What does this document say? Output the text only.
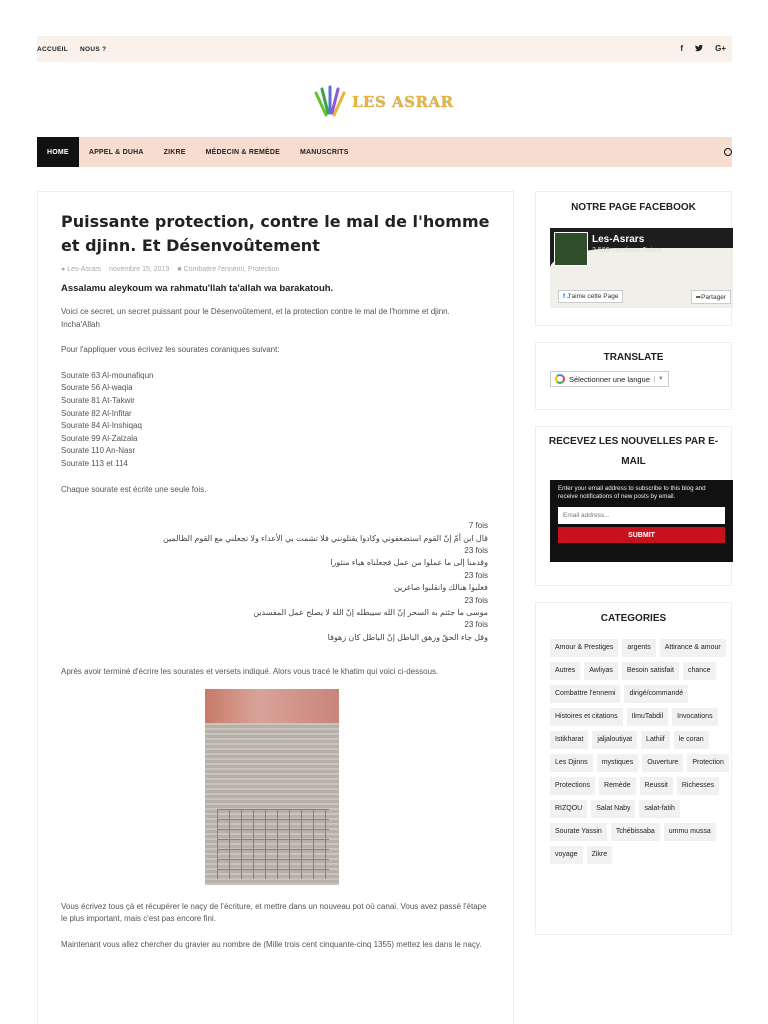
ACCUEIL NOUS ?	f	G+
LES ASRAR
HOME	APPEL & DUHA	ZIKRE	MÉDECIN & REMÈDE	MANUSCRITS
Puissante protection, contre le mal de l'homme et djinn. Et Désenvoûtement
● Les-Asrars novembre 15, 2019 ■ Combattre l'ennemi, Protection
Assalamu aleykoum wa rahmatu'llah ta'allah wa barakatouh.

Voici ce secret, un secret puissant pour le Désenvoûtement, et la protection contre le mal de l'homme et djinn. Incha'Allah

Pour l'appliquer vous écrivez les sourates coraniques suivant:

Sourate 63 Al-mounafiqun
Sourate 56 Al-waqia
Sourate 81 At-Takwir
Sourate 82 Al-Infitar
Sourate 84 Al-Inshiqaq
Sourate 99 Al-Zalzala
Sourate 110 An-Nasr
Sourate 113 et 114

Chaque sourate est écrite une seule fois.

7 fois
قال ابن أمّ إنّ القوم استضعفوني وكادوا يقتلونني فلا تشمت بي الأعداء ولا تجعلني مع القوم الظالمين
23 fois
وقدمنا إلى ما عملوا من عمل فجعلناه هباء منثورا
23 fois
فغلبوا هنالك وانقلبوا صاغرين
23 fois
موسى ما جئتم به السحر إنّ الله سيبطله إنّ الله لا يصلح عمل المفسدين
23 fois
وقل جاء الحقّ وزهق الباطل إنّ الباطل كان زهوقا

Après avoir terminé d'écrire les sourates et versets indiqué. Alors vous tracé le khatim qui voici ci-dessous.

Vous écrivez tous çà et récupérer le naçy de l'écriture, et mettre dans un nouveau pot où canai. Vous avez passé l'étape le plus important, mais c'est pas encore fini.

Maintenant vous allez chercher du gravier au nombre de (Mille trois cent cinquante-cinq 1355) mettez les dans le naçy.

NOTRE PAGE FACEBOOK
Les-Asrars
2 566 mentions J'aime
f J'aime cette Page	➦Partager
TRANSLATE
Sélectionner une langue	▼
RECEVEZ LES NOUVELLES PAR E-MAIL
Enter your email address to subscribe to this blog and receive notifications of new posts by email.
Email address... SUBMIT
CATEGORIES
Amour & Prestiges	argents	Attirance & amour
Autres	Awliyas	Besoin satisfait	chance
Combattre l'ennemi	dirigé/commandé
Histoires et citations	IlmuTabdil	Invocations
Istikharat	jaljaloutiyat	Lathiif	le coran
Les Djinns	mystiques	Ouverture	Protection
Protections	Remède	Reussit	Richesses
RIZQOU	Salat Naby	salat-fatih
Sourate Yassin	Tchébissaba	ummu mussa
voyage	Zikre
